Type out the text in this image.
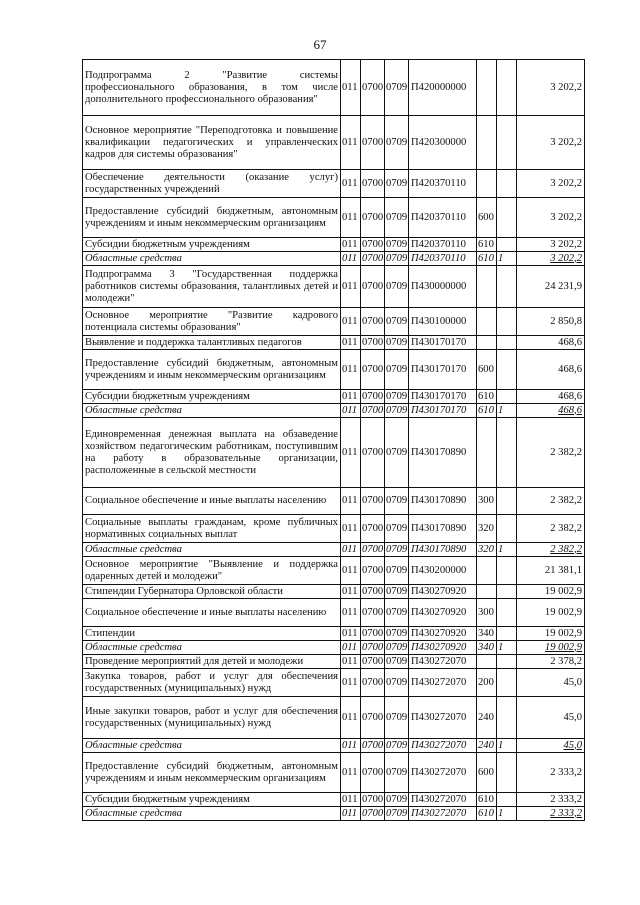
67
Подпрограмма 2 "Развитие системы профессионального образования, в том числе дополнительного профессионального образования"	011	0700	0709	П420000000			3 202,2
Основное мероприятие "Переподготовка и повышение квалификации педагогических и управленческих кадров для системы образования"	011	0700	0709	П420300000			3 202,2
Обеспечение деятельности (оказание услуг) государственных учреждений	011	0700	0709	П420370110			3 202,2
Предоставление субсидий бюджетным, автономным учреждениям и иным некоммерческим организациям	011	0700	0709	П420370110	600		3 202,2
Субсидии бюджетным учреждениям	011	0700	0709	П420370110	610		3 202,2
Областные средства	011	0700	0709	П420370110	610	1	3 202,2
Подпрограмма 3 "Государственная поддержка работников системы образования, талантливых детей и молодежи"	011	0700	0709	П430000000			24 231,9
Основное мероприятие "Развитие кадрового потенциала системы образования"	011	0700	0709	П430100000			2 850,8
Выявление и поддержка талантливых педагогов	011	0700	0709	П430170170			468,6
Предоставление субсидий бюджетным, автономным учреждениям и иным некоммерческим организациям	011	0700	0709	П430170170	600		468,6
Субсидии бюджетным учреждениям	011	0700	0709	П430170170	610		468,6
Областные средства	011	0700	0709	П430170170	610	1	468,6
Единовременная денежная выплата на обзаведение хозяйством педагогическим работникам, поступившим на работу в образовательные организации, расположенные в сельской местности	011	0700	0709	П430170890			2 382,2
Социальное обеспечение и иные выплаты населению	011	0700	0709	П430170890	300		2 382,2
Социальные выплаты гражданам, кроме публичных нормативных социальных выплат	011	0700	0709	П430170890	320		2 382,2
Областные средства	011	0700	0709	П430170890	320	1	2 382,2
Основное мероприятие "Выявление и поддержка одаренных детей и молодежи"	011	0700	0709	П430200000			21 381,1
Стипендии Губернатора Орловской области	011	0700	0709	П430270920			19 002,9
Социальное обеспечение и иные выплаты населению	011	0700	0709	П430270920	300		19 002,9
Стипендии	011	0700	0709	П430270920	340		19 002,9
Областные средства	011	0700	0709	П430270920	340	1	19 002,9
Проведение мероприятий для детей и молодежи	011	0700	0709	П430272070			2 378,2
Закупка товаров, работ и услуг для обеспечения государственных (муниципальных) нужд	011	0700	0709	П430272070	200		45,0
Иные закупки товаров, работ и услуг для обеспечения государственных (муниципальных) нужд	011	0700	0709	П430272070	240		45,0
Областные средства	011	0700	0709	П430272070	240	1	45,0
Предоставление субсидий бюджетным, автономным учреждениям и иным некоммерческим организациям	011	0700	0709	П430272070	600		2 333,2
Субсидии бюджетным учреждениям	011	0700	0709	П430272070	610		2 333,2
Областные средства	011	0700	0709	П430272070	610	1	2 333,2
